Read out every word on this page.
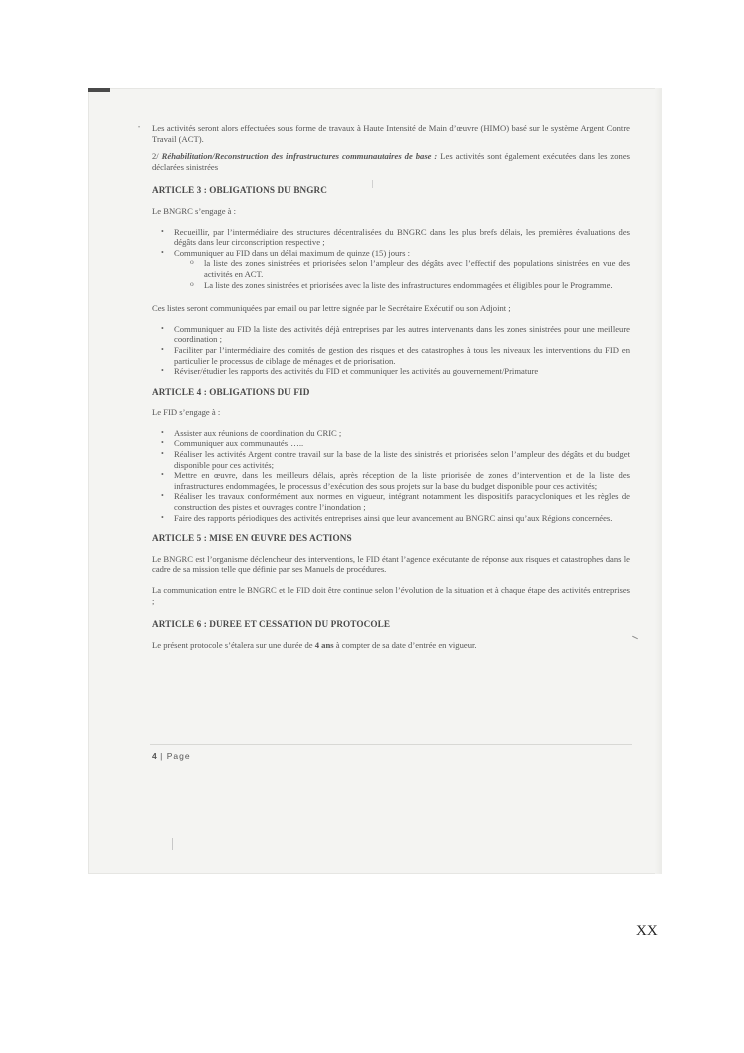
• Les activités seront alors effectuées sous forme de travaux à Haute Intensité de Main d’œuvre (HIMO) basé sur le système Argent Contre Travail (ACT).

2/ Réhabilitation/Reconstruction des infrastructures communautaires de base : Les activités sont également exécutées dans les zones déclarées sinistrées

ARTICLE 3 : OBLIGATIONS DU BNGRC

Le BNGRC s’engage à :

• Recueillir, par l’intermédiaire des structures décentralisées du BNGRC dans les plus brefs délais, les premières évaluations des dégâts dans leur circonscription respective ;
• Communiquer au FID dans un délai maximum de quinze (15) jours :
o la liste des zones sinistrées et priorisées selon l’ampleur des dégâts avec l’effectif des populations sinistrées en vue des activités en ACT.
o La liste des zones sinistrées et priorisées avec la liste des infrastructures endommagées et éligibles pour le Programme.

Ces listes seront communiquées par email ou par lettre signée par le Secrétaire Exécutif ou son Adjoint ;

• Communiquer au FID la liste des activités déjà entreprises par les autres intervenants dans les zones sinistrées pour une meilleure coordination ;
• Faciliter par l’intermédiaire des comités de gestion des risques et des catastrophes à tous les niveaux les interventions du FID en particulier le processus de ciblage de ménages et de priorisation.
• Réviser/étudier les rapports des activités du FID et communiquer les activités au gouvernement/Primature

ARTICLE 4 : OBLIGATIONS DU FID

Le FID s’engage à :

• Assister aux réunions de coordination du CRIC ;
• Communiquer aux communautés …..
• Réaliser les activités Argent contre travail sur la base de la liste des sinistrés et priorisées selon l’ampleur des dégâts et du budget disponible pour ces activités;
• Mettre en œuvre, dans les meilleurs délais, après réception de la liste priorisée de zones d’intervention et de la liste des infrastructures endommagées, le processus d’exécution des sous projets sur la base du budget disponible pour ces activités;
• Réaliser les travaux conformément aux normes en vigueur, intégrant notamment les dispositifs paracycloniques et les règles de construction des pistes et ouvrages contre l’inondation ;
• Faire des rapports périodiques des activités entreprises ainsi que leur avancement au BNGRC ainsi qu’aux Régions concernées.

ARTICLE 5 : MISE EN ŒUVRE DES ACTIONS

Le BNGRC est l’organisme déclencheur des interventions, le FID étant l’agence exécutante de réponse aux risques et catastrophes dans le cadre de sa mission telle que définie par ses Manuels de procédures.

La communication entre le BNGRC et le FID doit être continue selon l’évolution de la situation et à chaque étape des activités entreprises ;

ARTICLE 6 : DUREE ET CESSATION DU PROTOCOLE

Le présent protocole s’étalera sur une durée de 4 ans à compter de sa date d’entrée en vigueur.

4 | Page
XX
